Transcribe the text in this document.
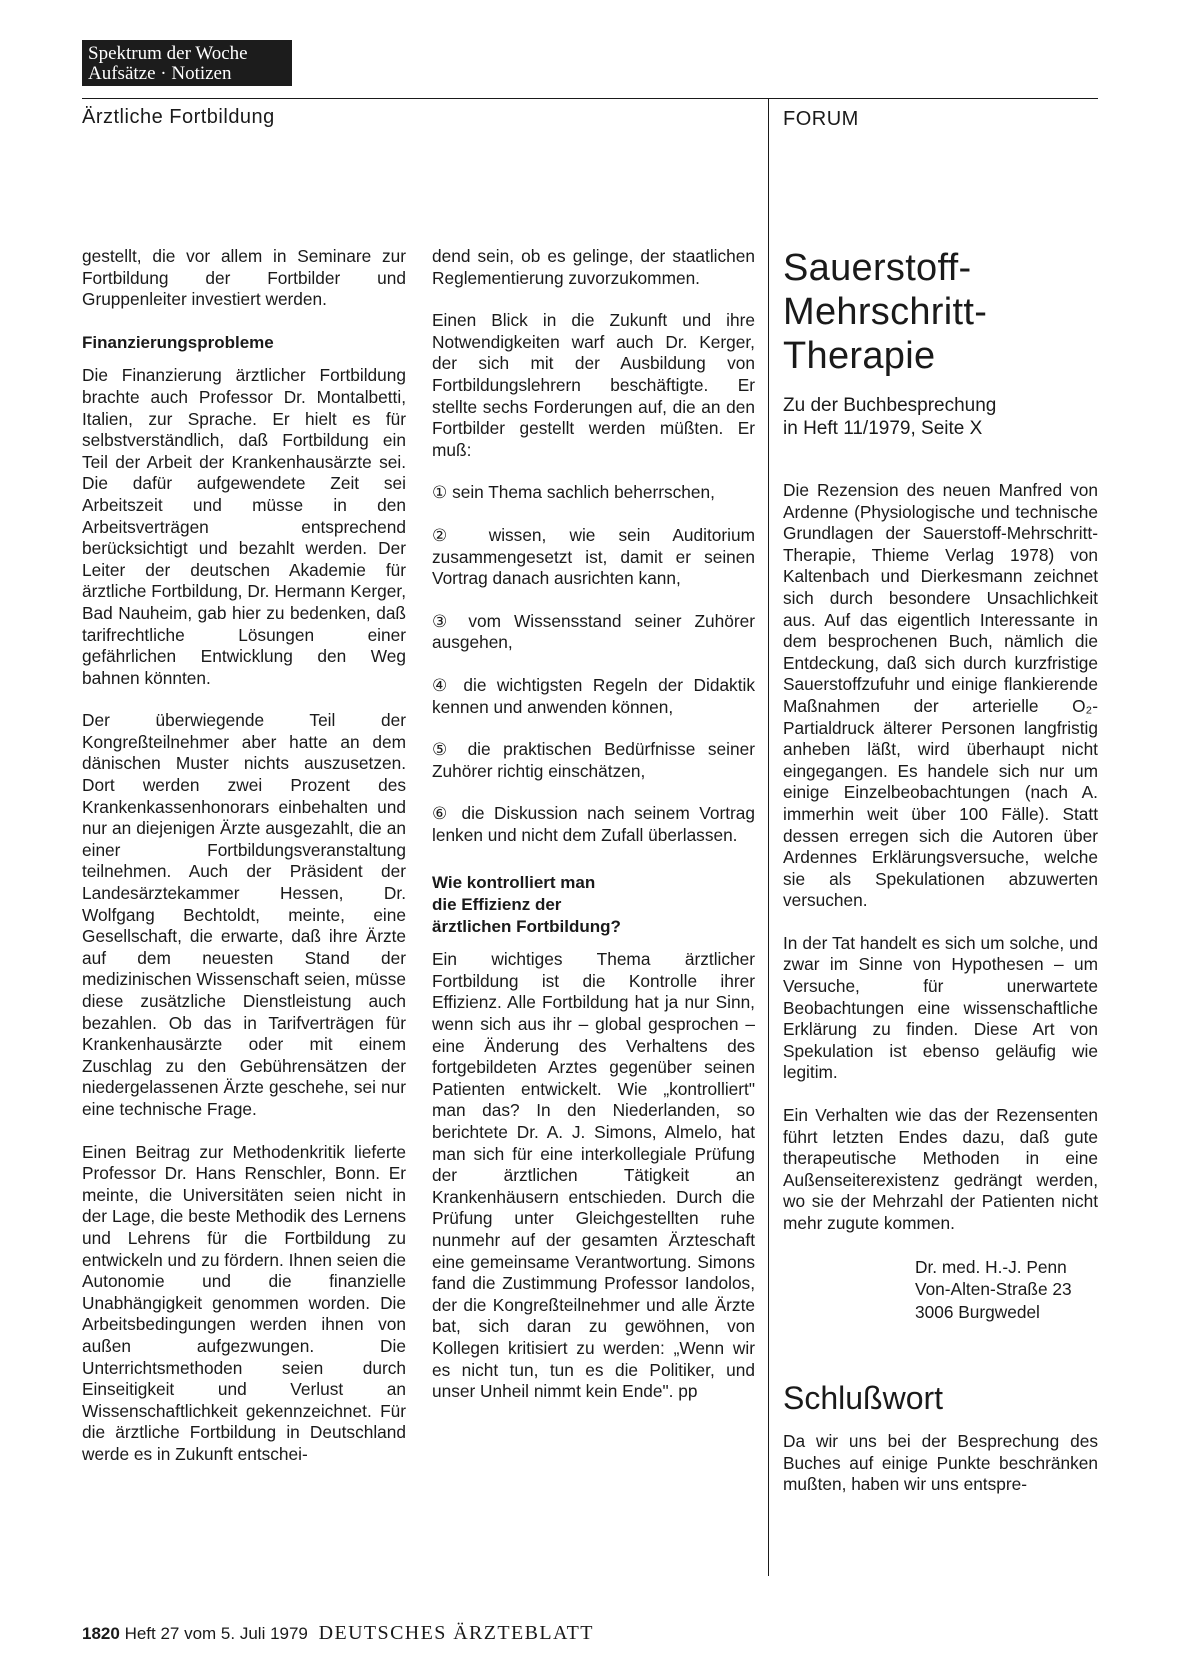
Spektrum der Woche
Aufsätze · Notizen
Ärztliche Fortbildung	FORUM

gestellt, die vor allem in Seminare zur Fortbildung der Fortbilder und Gruppenleiter investiert werden.

Finanzierungsprobleme

Die Finanzierung ärztlicher Fortbildung brachte auch Professor Dr. Montalbetti, Italien, zur Sprache. Er hielt es für selbstverständlich, daß Fortbildung ein Teil der Arbeit der Krankenhausärzte sei. Die dafür aufgewendete Zeit sei Arbeitszeit und müsse in den Arbeitsverträgen entsprechend berücksichtigt und bezahlt werden. Der Leiter der deutschen Akademie für ärztliche Fortbildung, Dr. Hermann Kerger, Bad Nauheim, gab hier zu bedenken, daß tarifrechtliche Lösungen einer gefährlichen Entwicklung den Weg bahnen könnten.

Der überwiegende Teil der Kongreßteilnehmer aber hatte an dem dänischen Muster nichts auszusetzen. Dort werden zwei Prozent des Krankenkassenhonorars einbehalten und nur an diejenigen Ärzte ausgezahlt, die an einer Fortbildungsveranstaltung teilnehmen. Auch der Präsident der Landesärztekammer Hessen, Dr. Wolfgang Bechtoldt, meinte, eine Gesellschaft, die erwarte, daß ihre Ärzte auf dem neuesten Stand der medizinischen Wissenschaft seien, müsse diese zusätzliche Dienstleistung auch bezahlen. Ob das in Tarifverträgen für Krankenhausärzte oder mit einem Zuschlag zu den Gebührensätzen der niedergelassenen Ärzte geschehe, sei nur eine technische Frage.

Einen Beitrag zur Methodenkritik lieferte Professor Dr. Hans Renschler, Bonn. Er meinte, die Universitäten seien nicht in der Lage, die beste Methodik des Lernens und Lehrens für die Fortbildung zu entwickeln und zu fördern. Ihnen seien die Autonomie und die finanzielle Unabhängigkeit genommen worden. Die Arbeitsbedingungen werden ihnen von außen aufgezwungen. Die Unterrichtsmethoden seien durch Einseitigkeit und Verlust an Wissenschaftlichkeit gekennzeichnet. Für die ärztliche Fortbildung in Deutschland werde es in Zukunft entschei-

dend sein, ob es gelinge, der staatlichen Reglementierung zuvorzukommen.

Einen Blick in die Zukunft und ihre Notwendigkeiten warf auch Dr. Kerger, der sich mit der Ausbildung von Fortbildungslehrern beschäftigte. Er stellte sechs Forderungen auf, die an den Fortbilder gestellt werden müßten. Er muß:

① sein Thema sachlich beherrschen,

② wissen, wie sein Auditorium zusammengesetzt ist, damit er seinen Vortrag danach ausrichten kann,

③ vom Wissensstand seiner Zuhörer ausgehen,

④ die wichtigsten Regeln der Didaktik kennen und anwenden können,

⑤ die praktischen Bedürfnisse seiner Zuhörer richtig einschätzen,

⑥ die Diskussion nach seinem Vortrag lenken und nicht dem Zufall überlassen.

Wie kontrolliert man
die Effizienz der
ärztlichen Fortbildung?

Ein wichtiges Thema ärztlicher Fortbildung ist die Kontrolle ihrer Effizienz. Alle Fortbildung hat ja nur Sinn, wenn sich aus ihr – global gesprochen – eine Änderung des Verhaltens des fortgebildeten Arztes gegenüber seinen Patienten entwickelt. Wie „kontrolliert" man das? In den Niederlanden, so berichtete Dr. A. J. Simons, Almelo, hat man sich für eine interkollegiale Prüfung der ärztlichen Tätigkeit an Krankenhäusern entschieden. Durch die Prüfung unter Gleichgestellten ruhe nunmehr auf der gesamten Ärzteschaft eine gemeinsame Verantwortung. Simons fand die Zustimmung Professor Iandolos, der die Kongreßteilnehmer und alle Ärzte bat, sich daran zu gewöhnen, von Kollegen kritisiert zu werden: „Wenn wir es nicht tun, tun es die Politiker, und unser Unheil nimmt kein Ende". pp

Sauerstoff-
Mehrschritt-
Therapie
Zu der Buchbesprechung
in Heft 11/1979, Seite X

Die Rezension des neuen Manfred von Ardenne (Physiologische und technische Grundlagen der Sauerstoff-Mehrschritt-Therapie, Thieme Verlag 1978) von Kaltenbach und Dierkesmann zeichnet sich durch besondere Unsachlichkeit aus. Auf das eigentlich Interessante in dem besprochenen Buch, nämlich die Entdeckung, daß sich durch kurzfristige Sauerstoffzufuhr und einige flankierende Maßnahmen der arterielle O₂-Partialdruck älterer Personen langfristig anheben läßt, wird überhaupt nicht eingegangen. Es handele sich nur um einige Einzelbeobachtungen (nach A. immerhin weit über 100 Fälle). Statt dessen erregen sich die Autoren über Ardennes Erklärungsversuche, welche sie als Spekulationen abzuwerten versuchen.

In der Tat handelt es sich um solche, und zwar im Sinne von Hypothesen – um Versuche, für unerwartete Beobachtungen eine wissenschaftliche Erklärung zu finden. Diese Art von Spekulation ist ebenso geläufig wie legitim.

Ein Verhalten wie das der Rezensenten führt letzten Endes dazu, daß gute therapeutische Methoden in eine Außenseiterexistenz gedrängt werden, wo sie der Mehrzahl der Patienten nicht mehr zugute kommen.

Dr. med. H.-J. Penn
Von-Alten-Straße 23
3006 Burgwedel
Schlußwort

Da wir uns bei der Besprechung des Buches auf einige Punkte beschränken mußten, haben wir uns entspre-

1820 Heft 27 vom 5. Juli 1979 DEUTSCHES ÄRZTEBLATT
